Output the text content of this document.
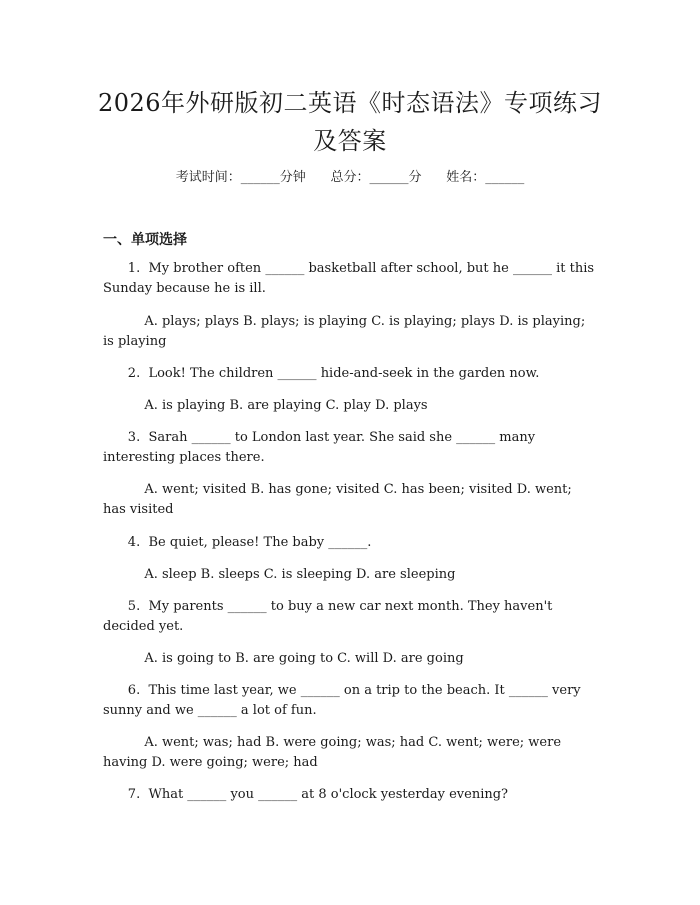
2026年外研版初二英语《时态语法》专项练习及答案
考试时间：______分钟      总分：______分      姓名：______
一、单项选择
1.  My brother often ______ basketball after school, but he ______ it this Sunday because he is ill.
A. plays; plays B. plays; is playing C. is playing; plays D. is playing; is playing
2.  Look! The children ______ hide-and-seek in the garden now.
A. is playing B. are playing C. play D. plays
3.  Sarah ______ to London last year. She said she ______ many interesting places there.
A. went; visited B. has gone; visited C. has been; visited D. went; has visited
4.  Be quiet, please! The baby ______.
A. sleep B. sleeps C. is sleeping D. are sleeping
5.  My parents ______ to buy a new car next month. They haven't decided yet.
A. is going to B. are going to C. will D. are going
6.  This time last year, we ______ on a trip to the beach. It ______ very sunny and we ______ a lot of fun.
A. went; was; had B. were going; was; had C. went; were; were having D. were going; were; had
7.  What ______ you ______ at 8 o'clock yesterday evening?
